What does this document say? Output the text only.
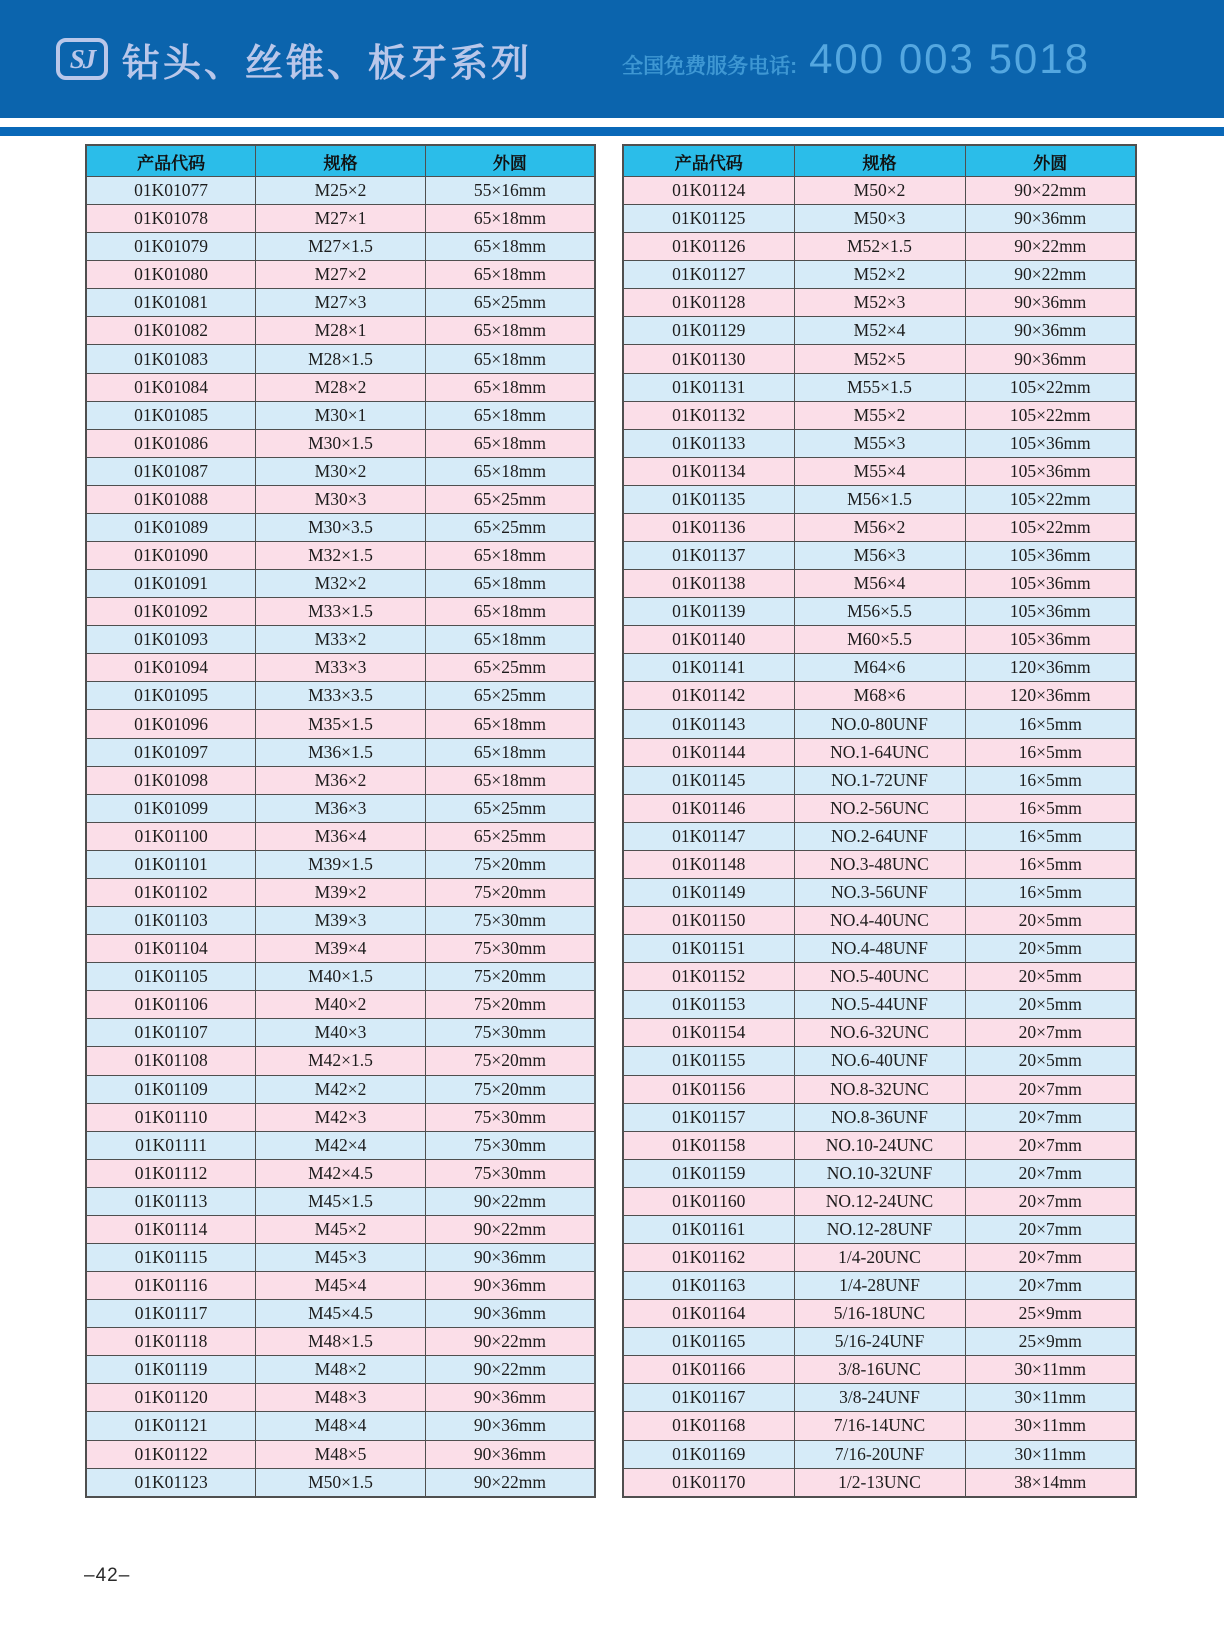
SJ 钻头、丝锥、板牙系列	全国免费服务电话: 400 003 5018
产品代码	规格	外圆
01K01077	M25×2	55×16mm
01K01078	M27×1	65×18mm
01K01079	M27×1.5	65×18mm
01K01080	M27×2	65×18mm
01K01081	M27×3	65×25mm
01K01082	M28×1	65×18mm
01K01083	M28×1.5	65×18mm
01K01084	M28×2	65×18mm
01K01085	M30×1	65×18mm
01K01086	M30×1.5	65×18mm
01K01087	M30×2	65×18mm
01K01088	M30×3	65×25mm
01K01089	M30×3.5	65×25mm
01K01090	M32×1.5	65×18mm
01K01091	M32×2	65×18mm
01K01092	M33×1.5	65×18mm
01K01093	M33×2	65×18mm
01K01094	M33×3	65×25mm
01K01095	M33×3.5	65×25mm
01K01096	M35×1.5	65×18mm
01K01097	M36×1.5	65×18mm
01K01098	M36×2	65×18mm
01K01099	M36×3	65×25mm
01K01100	M36×4	65×25mm
01K01101	M39×1.5	75×20mm
01K01102	M39×2	75×20mm
01K01103	M39×3	75×30mm
01K01104	M39×4	75×30mm
01K01105	M40×1.5	75×20mm
01K01106	M40×2	75×20mm
01K01107	M40×3	75×30mm
01K01108	M42×1.5	75×20mm
01K01109	M42×2	75×20mm
01K01110	M42×3	75×30mm
01K01111	M42×4	75×30mm
01K01112	M42×4.5	75×30mm
01K01113	M45×1.5	90×22mm
01K01114	M45×2	90×22mm
01K01115	M45×3	90×36mm
01K01116	M45×4	90×36mm
01K01117	M45×4.5	90×36mm
01K01118	M48×1.5	90×22mm
01K01119	M48×2	90×22mm
01K01120	M48×3	90×36mm
01K01121	M48×4	90×36mm
01K01122	M48×5	90×36mm
01K01123	M50×1.5	90×22mm
产品代码	规格	外圆
01K01124	M50×2	90×22mm
01K01125	M50×3	90×36mm
01K01126	M52×1.5	90×22mm
01K01127	M52×2	90×22mm
01K01128	M52×3	90×36mm
01K01129	M52×4	90×36mm
01K01130	M52×5	90×36mm
01K01131	M55×1.5	105×22mm
01K01132	M55×2	105×22mm
01K01133	M55×3	105×36mm
01K01134	M55×4	105×36mm
01K01135	M56×1.5	105×22mm
01K01136	M56×2	105×22mm
01K01137	M56×3	105×36mm
01K01138	M56×4	105×36mm
01K01139	M56×5.5	105×36mm
01K01140	M60×5.5	105×36mm
01K01141	M64×6	120×36mm
01K01142	M68×6	120×36mm
01K01143	NO.0-80UNF	16×5mm
01K01144	NO.1-64UNC	16×5mm
01K01145	NO.1-72UNF	16×5mm
01K01146	NO.2-56UNC	16×5mm
01K01147	NO.2-64UNF	16×5mm
01K01148	NO.3-48UNC	16×5mm
01K01149	NO.3-56UNF	16×5mm
01K01150	NO.4-40UNC	20×5mm
01K01151	NO.4-48UNF	20×5mm
01K01152	NO.5-40UNC	20×5mm
01K01153	NO.5-44UNF	20×5mm
01K01154	NO.6-32UNC	20×7mm
01K01155	NO.6-40UNF	20×5mm
01K01156	NO.8-32UNC	20×7mm
01K01157	NO.8-36UNF	20×7mm
01K01158	NO.10-24UNC	20×7mm
01K01159	NO.10-32UNF	20×7mm
01K01160	NO.12-24UNC	20×7mm
01K01161	NO.12-28UNF	20×7mm
01K01162	1/4-20UNC	20×7mm
01K01163	1/4-28UNF	20×7mm
01K01164	5/16-18UNC	25×9mm
01K01165	5/16-24UNF	25×9mm
01K01166	3/8-16UNC	30×11mm
01K01167	3/8-24UNF	30×11mm
01K01168	7/16-14UNC	30×11mm
01K01169	7/16-20UNF	30×11mm
01K01170	1/2-13UNC	38×14mm
–42–
